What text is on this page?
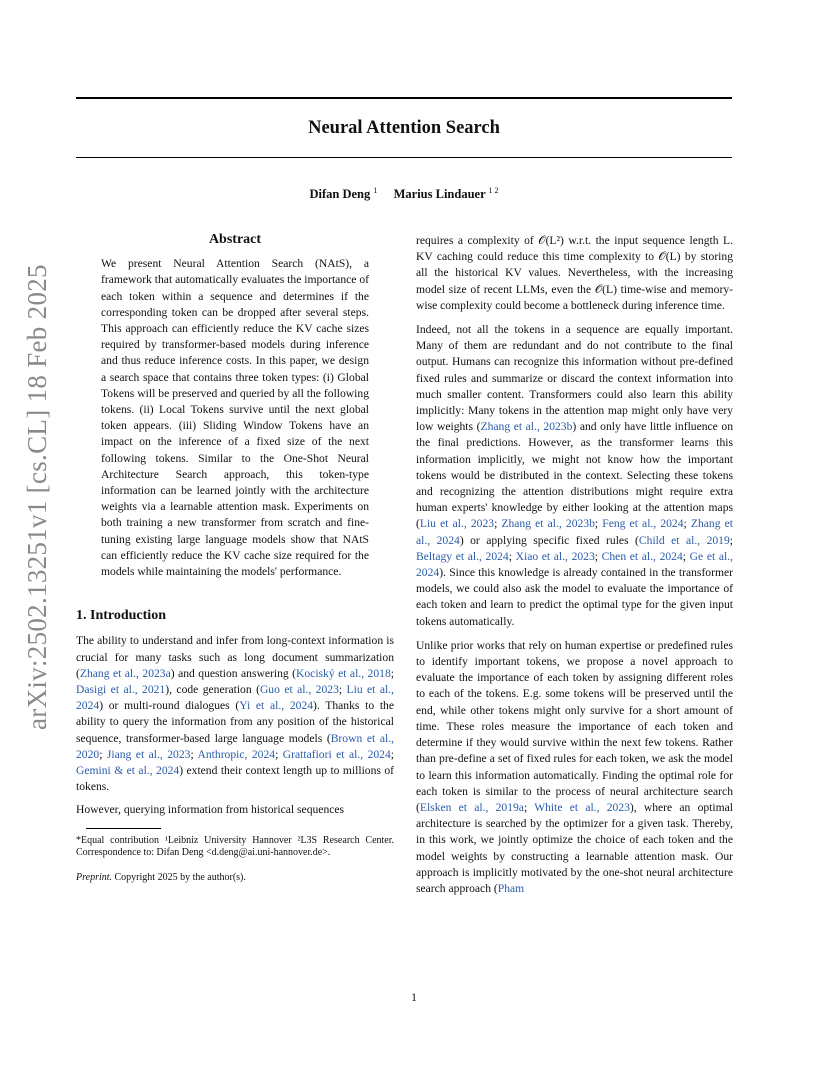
arXiv:2502.13251v1 [cs.CL] 18 Feb 2025
Neural Attention Search
Difan Deng $^1$ Marius Lindauer $^{1 2}$
Abstract

We present Neural Attention Search (NAtS), a framework that automatically evaluates the importance of each token within a sequence and determines if the corresponding token can be dropped after several steps. This approach can efficiently reduce the KV cache sizes required by transformer-based models during inference and thus reduce inference costs. In this paper, we design a search space that contains three token types: (i) Global Tokens will be preserved and queried by all the following tokens. (ii) Local Tokens survive until the next global token appears. (iii) Sliding Window Tokens have an impact on the inference of a fixed size of the next following tokens. Similar to the One-Shot Neural Architecture Search approach, this token-type information can be learned jointly with the architecture weights via a learnable attention mask. Experiments on both training a new transformer from scratch and fine-tuning existing large language models show that NAtS can efficiently reduce the KV cache size required for the models while maintaining the models' performance.

1. Introduction

The ability to understand and infer from long-context information is crucial for many tasks such as long document summarization (Zhang et al., 2023a) and question answering (Kociský et al., 2018; Dasigi et al., 2021), code generation (Guo et al., 2023; Liu et al., 2024) or multi-round dialogues (Yi et al., 2024). Thanks to the ability to query the information from any position of the historical sequence, transformer-based large language models (Brown et al., 2020; Jiang et al., 2023; Anthropic, 2024; Grattafiori et al., 2024; Gemini & et al., 2024) extend their context length up to millions of tokens.

However, querying information from historical sequences

*Equal contribution ¹Leibniz University Hannover ²L3S Research Center. Correspondence to: Difan Deng <d.deng@ai.uni-hannover.de>.

Preprint. Copyright 2025 by the author(s).

requires a complexity of 𝒪(L²) w.r.t. the input sequence length L. KV caching could reduce this time complexity to 𝒪(L) by storing all the historical KV values. Nevertheless, with the increasing model size of recent LLMs, even the 𝒪(L) time-wise and memory-wise complexity could become a bottleneck during inference time.

Indeed, not all the tokens in a sequence are equally important. Many of them are redundant and do not contribute to the final output. Humans can recognize this information without pre-defined fixed rules and summarize or discard the context information into much smaller content. Transformers could also learn this ability implicitly: Many tokens in the attention map might only have very low weights (Zhang et al., 2023b) and only have little influence on the final predictions. However, as the transformer learns this information implicitly, we might not know how the important tokens would be distributed in the context. Selecting these tokens and recognizing the attention distributions might require extra human experts' knowledge by either looking at the attention maps (Liu et al., 2023; Zhang et al., 2023b; Feng et al., 2024; Zhang et al., 2024) or applying specific fixed rules (Child et al., 2019; Beltagy et al., 2024; Xiao et al., 2023; Chen et al., 2024; Ge et al., 2024). Since this knowledge is already contained in the transformer models, we could also ask the model to evaluate the importance of each token and learn to predict the optimal type for the given input tokens automatically.

Unlike prior works that rely on human expertise or predefined rules to identify important tokens, we propose a novel approach to evaluate the importance of each token by assigning different roles to each of the tokens. E.g. some tokens will be preserved until the end, while other tokens might only survive for a short amount of time. These roles measure the importance of each token and determine if they would survive within the next few tokens. Rather than pre-define a set of fixed rules for each token, we ask the model to learn this information automatically. Finding the optimal role for each token is similar to the process of neural architecture search (Elsken et al., 2019a; White et al., 2023), where an optimal architecture is searched by the optimizer for a given task. Thereby, in this work, we jointly optimize the choice of each token and the model weights by constructing a learnable attention mask. Our approach is implicitly motivated by the one-shot neural architecture search approach (Pham

1
